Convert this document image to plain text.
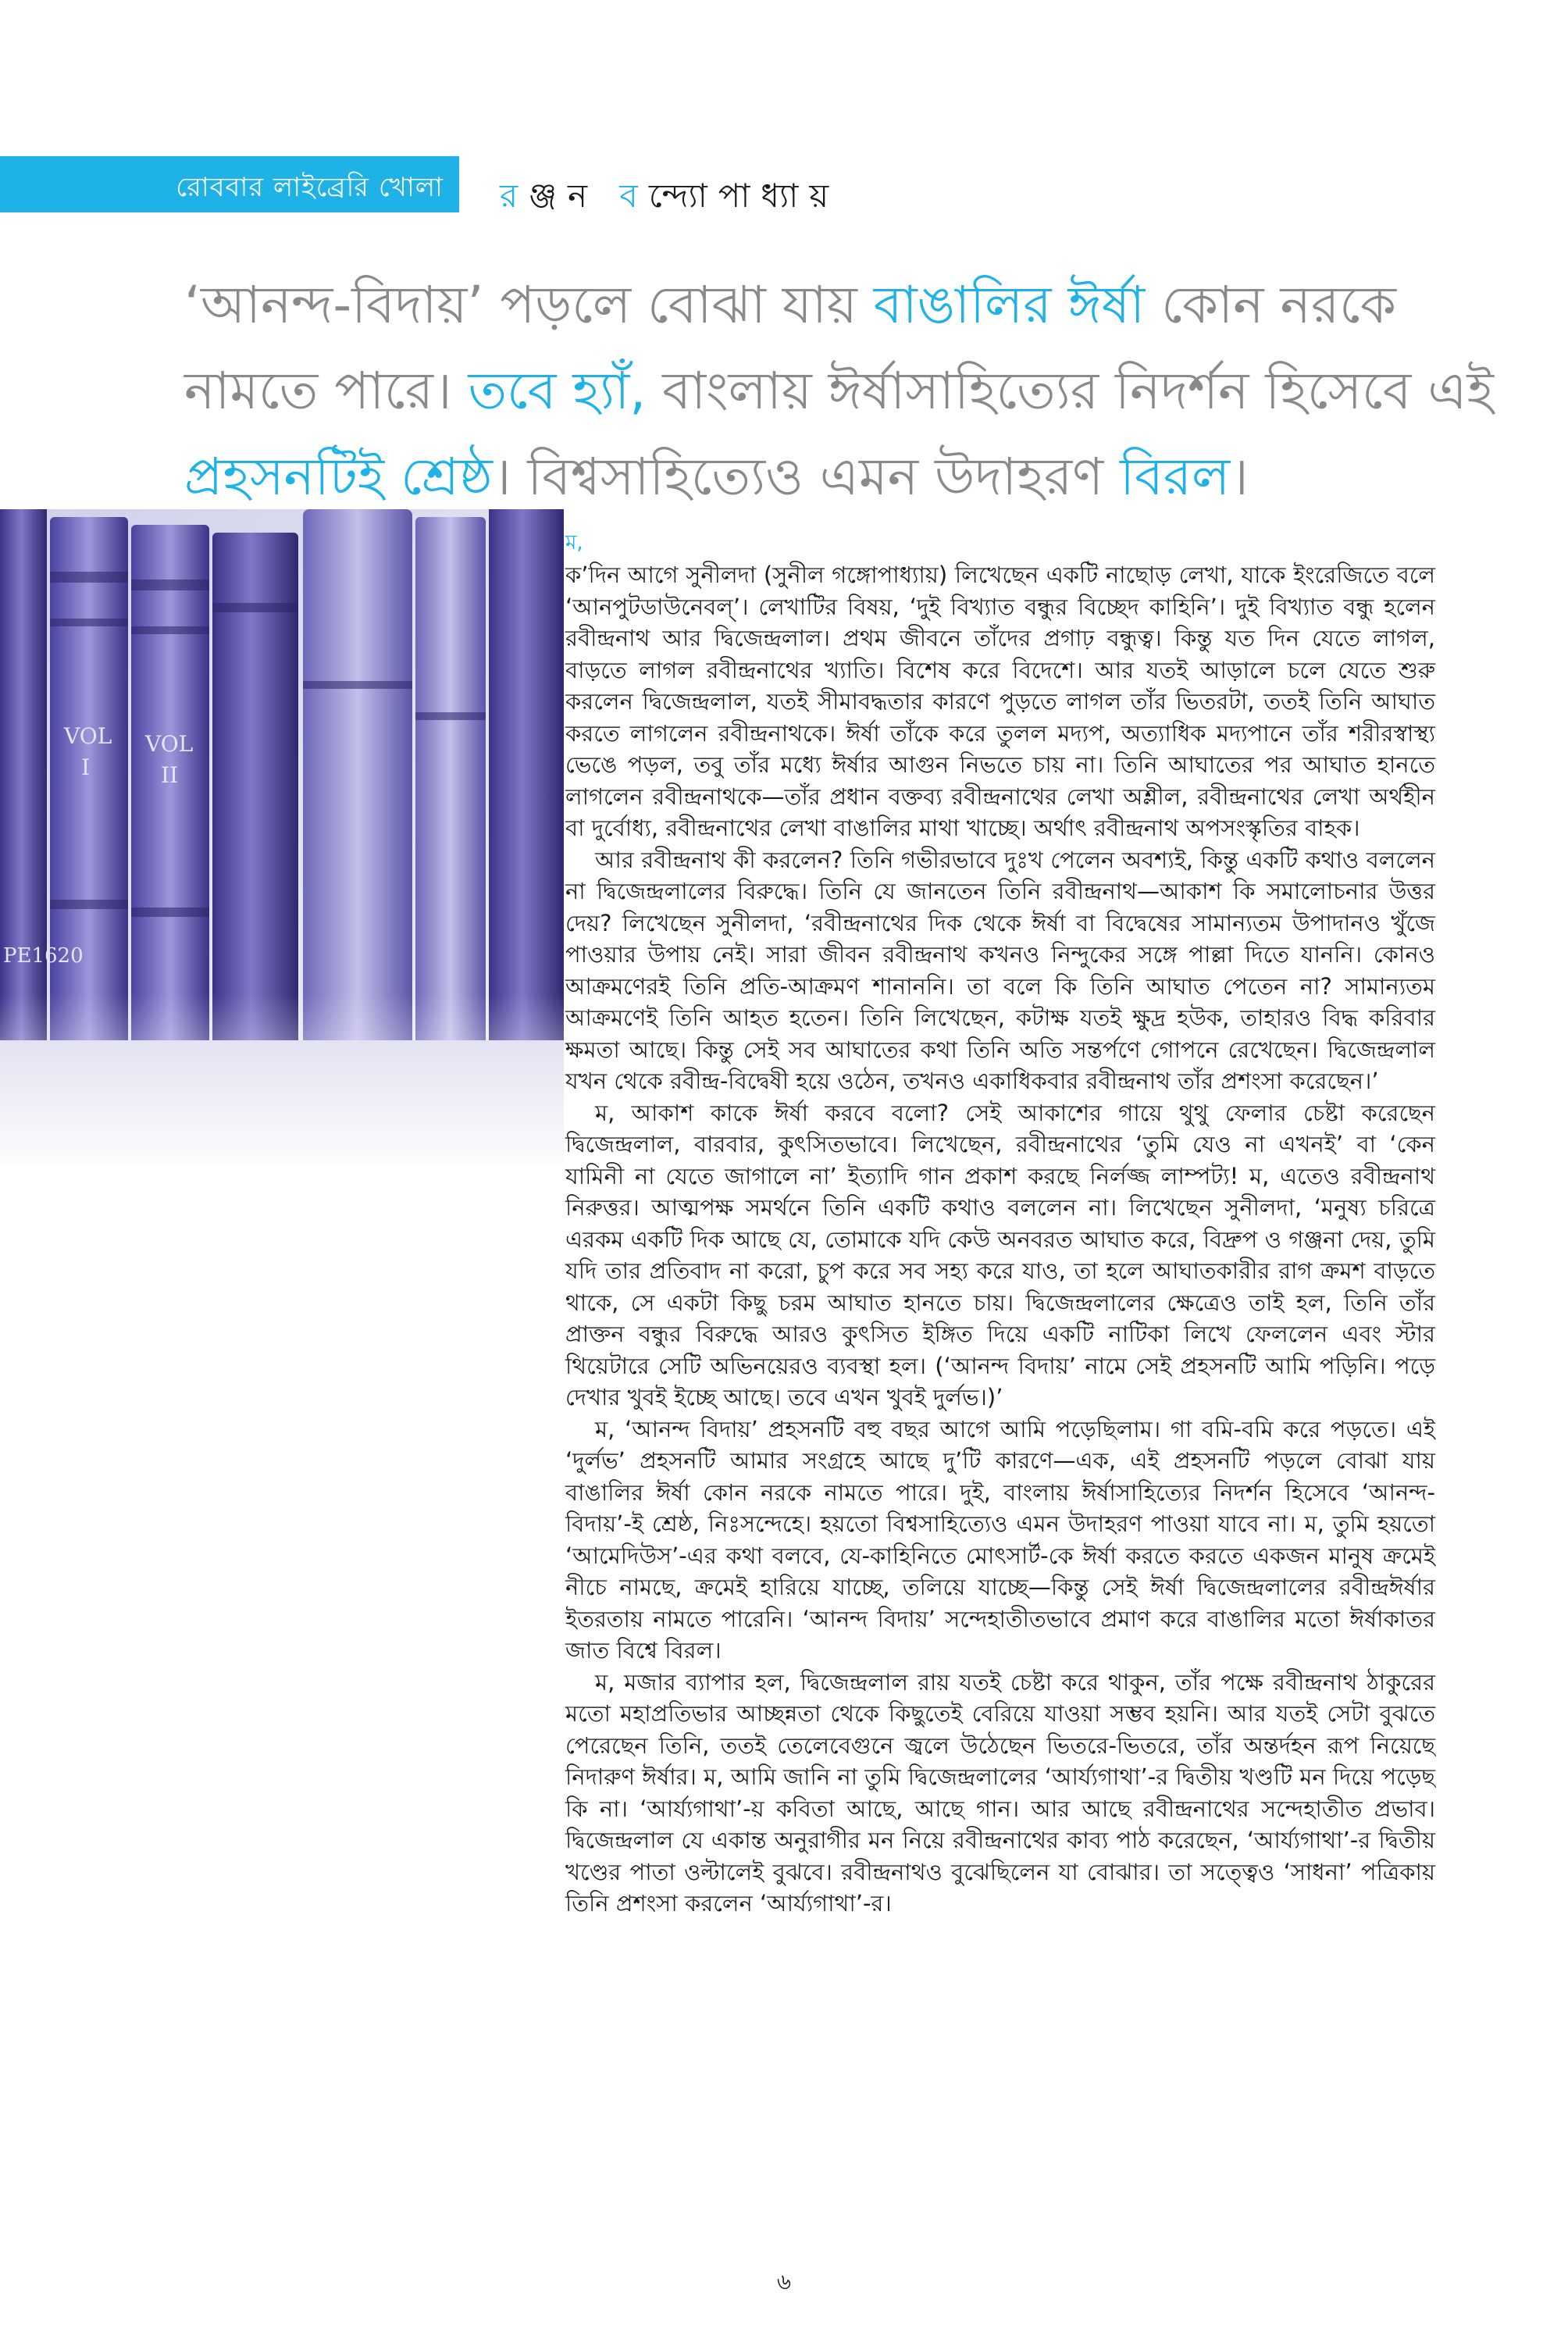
রোববার লাইব্রেরি খোলা রঞ্জন বন্দ্যোপাধ্যায়
‘আনন্দ-বিদায়’ পড়লে বোঝা যায় বাঙালির ঈর্ষা কোন নরকে
নামতে পারে। তবে হ্যাঁ, বাংলায় ঈর্ষাসাহিত্যের নিদর্শন হিসেবে এই
প্রহসনটিই শ্রেষ্ঠ। বিশ্বসাহিত্যেও এমন উদাহরণ বিরল।
VOL
I
VOL
II
PE1620
ম,

ক’দিন আগে সুনীলদা (সুনীল গঙ্গোপাধ্যায়) লিখেছেন একটি নাছোড় লেখা, যাকে ইংরেজিতে বলে ‘আনপুটডাউনেবল্‌’। লেখাটির বিষয়, ‘দুই বিখ্যাত বন্ধুর বিচ্ছেদ কাহিনি’। দুই বিখ্যাত বন্ধু হলেন রবীন্দ্রনাথ আর দ্বিজেন্দ্রলাল। প্রথম জীবনে তাঁদের প্রগাঢ় বন্ধুত্ব। কিন্তু যত দিন যেতে লাগল, বাড়তে লাগল রবীন্দ্রনাথের খ্যাতি। বিশেষ করে বিদেশে। আর যতই আড়ালে চলে যেতে শুরু করলেন দ্বিজেন্দ্রলাল, যতই সীমাবদ্ধতার কারণে পুড়তে লাগল তাঁর ভিতরটা, ততই তিনি আঘাত করতে লাগলেন রবীন্দ্রনাথকে। ঈর্ষা তাঁকে করে তুলল মদ্যপ, অত্যাধিক মদ্যপানে তাঁর শরীরস্বাস্থ্য ভেঙে পড়ল, তবু তাঁর মধ্যে ঈর্ষার আগুন নিভতে চায় না। তিনি আঘাতের পর আঘাত হানতে লাগলেন রবীন্দ্রনাথকে—তাঁর প্রধান বক্তব্য রবীন্দ্রনাথের লেখা অশ্লীল, রবীন্দ্রনাথের লেখা অর্থহীন বা দুর্বোধ্য, রবীন্দ্রনাথের লেখা বাঙালির মাথা খাচ্ছে। অর্থাৎ রবীন্দ্রনাথ অপসংস্কৃতির বাহক।

আর রবীন্দ্রনাথ কী করলেন? তিনি গভীরভাবে দুঃখ পেলেন অবশ্যই, কিন্তু একটি কথাও বললেন না দ্বিজেন্দ্রলালের বিরুদ্ধে। তিনি যে জানতেন তিনি রবীন্দ্রনাথ—আকাশ কি সমালোচনার উত্তর দেয়? লিখেছেন সুনীলদা, ‘রবীন্দ্রনাথের দিক থেকে ঈর্ষা বা বিদ্বেষের সামান্যতম উপাদানও খুঁজে পাওয়ার উপায় নেই। সারা জীবন রবীন্দ্রনাথ কখনও নিন্দুকের সঙ্গে পাল্লা দিতে যাননি। কোনও আক্রমণেরই তিনি প্রতি-আক্রমণ শানাননি। তা বলে কি তিনি আঘাত পেতেন না? সামান্যতম আক্রমণেই তিনি আহত হতেন। তিনি লিখেছেন, কটাক্ষ যতই ক্ষুদ্র হউক, তাহারও বিদ্ধ করিবার ক্ষমতা আছে। কিন্তু সেই সব আঘাতের কথা তিনি অতি সন্তর্পণে গোপনে রেখেছেন। দ্বিজেন্দ্রলাল যখন থেকে রবীন্দ্র-বিদ্বেষী হয়ে ওঠেন, তখনও একাধিকবার রবীন্দ্রনাথ তাঁর প্রশংসা করেছেন।’

ম, আকাশ কাকে ঈর্ষা করবে বলো? সেই আকাশের গায়ে থুথু ফেলার চেষ্টা করেছেন দ্বিজেন্দ্রলাল, বারবার, কুৎসিতভাবে। লিখেছেন, রবীন্দ্রনাথের ‘তুমি যেও না এখনই’ বা ‘কেন যামিনী না যেতে জাগালে না’ ইত্যাদি গান প্রকাশ করছে নির্লজ্জ লাম্পট্য! ম, এতেও রবীন্দ্রনাথ নিরুত্তর। আত্মপক্ষ সমর্থনে তিনি একটি কথাও বললেন না। লিখেছেন সুনীলদা, ‘মনুষ্য চরিত্রে এরকম একটি দিক আছে যে, তোমাকে যদি কেউ অনবরত আঘাত করে, বিদ্রুপ ও গঞ্জনা দেয়, তুমি যদি তার প্রতিবাদ না করো, চুপ করে সব সহ্য করে যাও, তা হলে আঘাতকারীর রাগ ক্রমশ বাড়তে থাকে, সে একটা কিছু চরম আঘাত হানতে চায়। দ্বিজেন্দ্রলালের ক্ষেত্রেও তাই হল, তিনি তাঁর প্রাক্তন বন্ধুর বিরুদ্ধে আরও কুৎসিত ইঙ্গিত দিয়ে একটি নাটিকা লিখে ফেললেন এবং স্টার থিয়েটারে সেটি অভিনয়েরও ব্যবস্থা হল। (‘আনন্দ বিদায়’ নামে সেই প্রহসনটি আমি পড়িনি। পড়ে দেখার খুবই ইচ্ছে আছে। তবে এখন খুবই দুর্লভ।)’

ম, ‘আনন্দ বিদায়’ প্রহসনটি বহু বছর আগে আমি পড়েছিলাম। গা বমি-বমি করে পড়তে। এই ‘দুর্লভ’ প্রহসনটি আমার সংগ্রহে আছে দু’টি কারণে—এক, এই প্রহসনটি পড়লে বোঝা যায় বাঙালির ঈর্ষা কোন নরকে নামতে পারে। দুই, বাংলায় ঈর্ষাসাহিত্যের নিদর্শন হিসেবে ‘আনন্দ-বিদায়’-ই শ্রেষ্ঠ, নিঃসন্দেহে। হয়তো বিশ্বসাহিত্যেও এমন উদাহরণ পাওয়া যাবে না। ম, তুমি হয়তো ‘আমেদিউস’-এর কথা বলবে, যে-কাহিনিতে মোৎসার্ট-কে ঈর্ষা করতে করতে একজন মানুষ ক্রমেই নীচে নামছে, ক্রমেই হারিয়ে যাচ্ছে, তলিয়ে যাচ্ছে—কিন্তু সেই ঈর্ষা দ্বিজেন্দ্রলালের রবীন্দ্রঈর্ষার ইতরতায় নামতে পারেনি। ‘আনন্দ বিদায়’ সন্দেহাতীতভাবে প্রমাণ করে বাঙালির মতো ঈর্ষাকাতর জাত বিশ্বে বিরল।

ম, মজার ব্যাপার হল, দ্বিজেন্দ্রলাল রায় যতই চেষ্টা করে থাকুন, তাঁর পক্ষে রবীন্দ্রনাথ ঠাকুরের মতো মহাপ্রতিভার আচ্ছন্নতা থেকে কিছুতেই বেরিয়ে যাওয়া সম্ভব হয়নি। আর যতই সেটা বুঝতে পেরেছেন তিনি, ততই তেলেবেগুনে জ্বলে উঠেছেন ভিতরে-ভিতরে, তাঁর অন্তর্দহন রূপ নিয়েছে নিদারুণ ঈর্ষার। ম, আমি জানি না তুমি দ্বিজেন্দ্রলালের ‘আর্য্যগাথা’-র দ্বিতীয় খণ্ডটি মন দিয়ে পড়েছ কি না। ‘আর্য্যগাথা’-য় কবিতা আছে, আছে গান। আর আছে রবীন্দ্রনাথের সন্দেহাতীত প্রভাব। দ্বিজেন্দ্রলাল যে একান্ত অনুরাগীর মন নিয়ে রবীন্দ্রনাথের কাব্য পাঠ করেছেন, ‘আর্য্যগাথা’-র দ্বিতীয় খণ্ডের পাতা ওল্টালেই বুঝবে। রবীন্দ্রনাথও বুঝেছিলেন যা বোঝার। তা সত্ত্বেও ‘সাধনা’ পত্রিকায় তিনি প্রশংসা করলেন ‘আর্য্যগাথা’-র।

৬
